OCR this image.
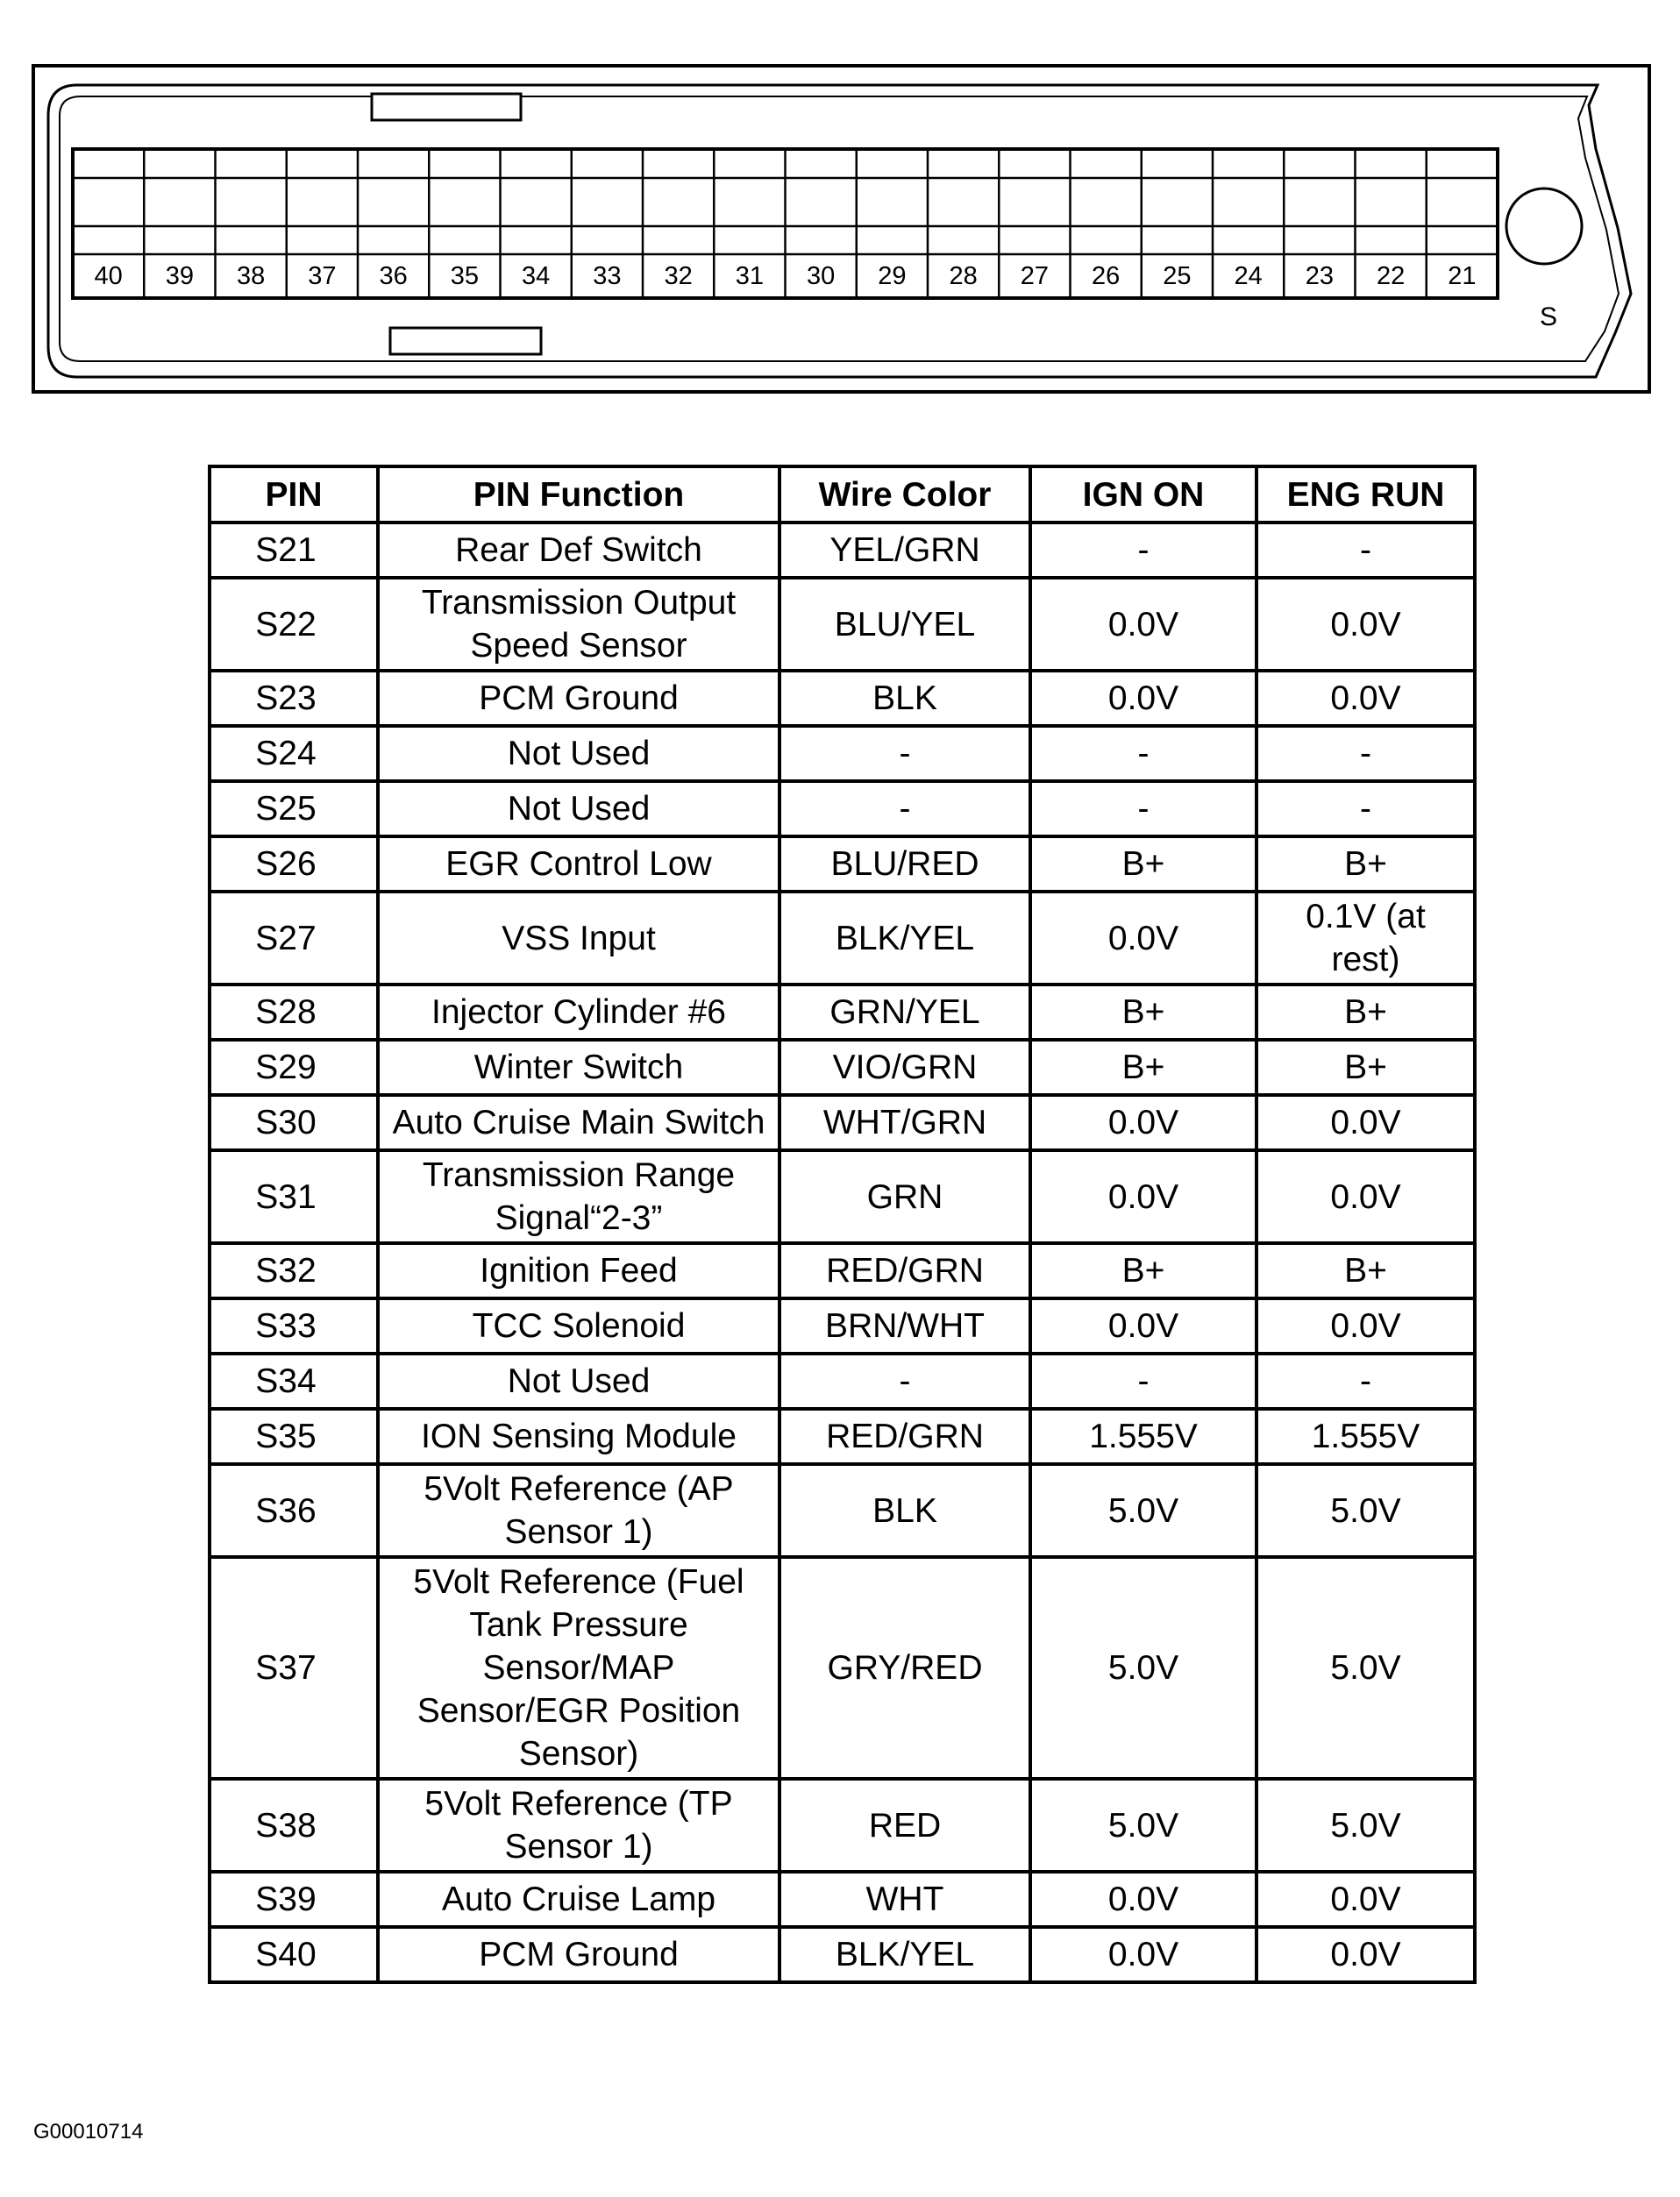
40 39 38 37 36 35 34 33 32 31 30 29 28 27 26 25 24 23 22 21
S
PIN	PIN Function	Wire Color	IGN ON	ENG RUN
S21	Rear Def Switch	YEL/GRN	-	-
S22	Transmission Output Speed Sensor	BLU/YEL	0.0V	0.0V
S23	PCM Ground	BLK	0.0V	0.0V
S24	Not Used	-	-	-
S25	Not Used	-	-	-
S26	EGR Control Low	BLU/RED	B+	B+
S27	VSS Input	BLK/YEL	0.0V	0.1V (at rest)
S28	Injector Cylinder #6	GRN/YEL	B+	B+
S29	Winter Switch	VIO/GRN	B+	B+
S30	Auto Cruise Main Switch	WHT/GRN	0.0V	0.0V
S31	Transmission Range Signal“2-3”	GRN	0.0V	0.0V
S32	Ignition Feed	RED/GRN	B+	B+
S33	TCC Solenoid	BRN/WHT	0.0V	0.0V
S34	Not Used	-	-	-
S35	ION Sensing Module	RED/GRN	1.555V	1.555V
S36	5Volt Reference (AP Sensor 1)	BLK	5.0V	5.0V
S37	5Volt Reference (Fuel Tank Pressure Sensor/MAP Sensor/EGR Position Sensor)	GRY/RED	5.0V	5.0V
S38	5Volt Reference (TP Sensor 1)	RED	5.0V	5.0V
S39	Auto Cruise Lamp	WHT	0.0V	0.0V
S40	PCM Ground	BLK/YEL	0.0V	0.0V
G00010714
